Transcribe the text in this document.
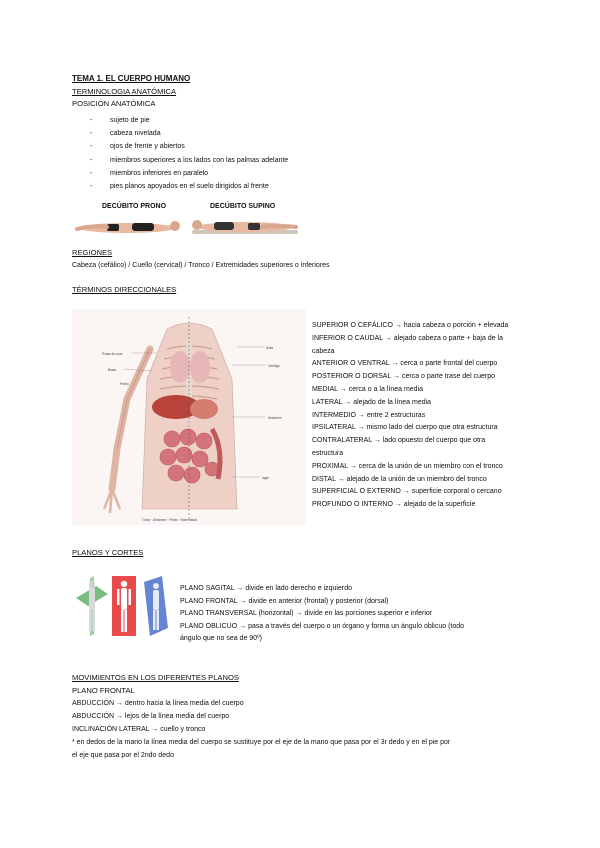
TEMA 1. EL CUERPO HUMANO
TERMINOLOGIA ANATÓMICA
POSICIÓN ANATÓMICA
-	sujeto de pie
-	cabeza nivelada
-	ojos de frente y abiertos
-	miembros superiores a los lados con las palmas adelante
-	miembros inferiores en paralelo
-	pies planos apoyados en el suelo dirigidos al frente
DECÚBITO PRONO	DECÚBITO SUPINO
REGIONES
Cabeza (cefálico) / Cuello (cervical) / Tronco / Extremidades superiores o inferiores
TÉRMINOS DIRECCIONALES
Punta de codo
Brazo
Pecho
Axila
Ombligo
Abdomen
Ingle
Tórax · Abdomen · Pelvis · Extremidad
SUPERIOR O CEFÁLICO → hacia cabeza o porción + elevada
INFERIOR O CAUDAL → alejado cabeza o parte + baja de la
cabeza
ANTERIOR O VENTRAL → cerca o parte frontal del cuerpo
POSTERIOR O DORSAL → cerca o parte trase del cuerpo
MEDIAL → cerca o a la línea media
LATERAL → alejado de la línea media
INTERMEDIO → entre 2 estructuras
IPSILATERAL → mismo lado del cuerpo que otra estructura
CONTRALATERAL → lado opuesto del cuerpo que otra
estructura
PROXIMAL → cerca de la unión de un miembro con el tronco
DISTAL → alejado de la unión de un miembro del tronco
SUPERFICIAL O EXTERNO → superficie corporal o cercano
PROFUNDO O INTERNO → alejado de la superficie
PLANOS Y CORTES
PLANO SAGITAL → divide en lado derecho e izquierdo
PLANO FRONTAL → divide en anterior (frontal) y posterior (dorsal)
PLANO TRANSVERSAL (horizontal) → divide en las porciones superior e inferior
PLANO OBLICUO → pasa a través del cuerpo o un órgano y forma un ángulo oblicuo (todo
ángulo que no sea de 90º)
MOVIMIENTOS EN LOS DIFERENTES PLANOS
PLANO FRONTAL
ABDUCCIÓN → dentro hacia la línea media del cuerpo
ABDUCCIÓN → lejos de la línea media del cuerpo
INCLINACIÓN LATERAL → cuello y tronco
* en dedos de la mano la línea media del cuerpo se sustituye por el eje de la mano que pasa por el 3r dedo y en el pie por
el eje que pasa por el 2ndo dedo
